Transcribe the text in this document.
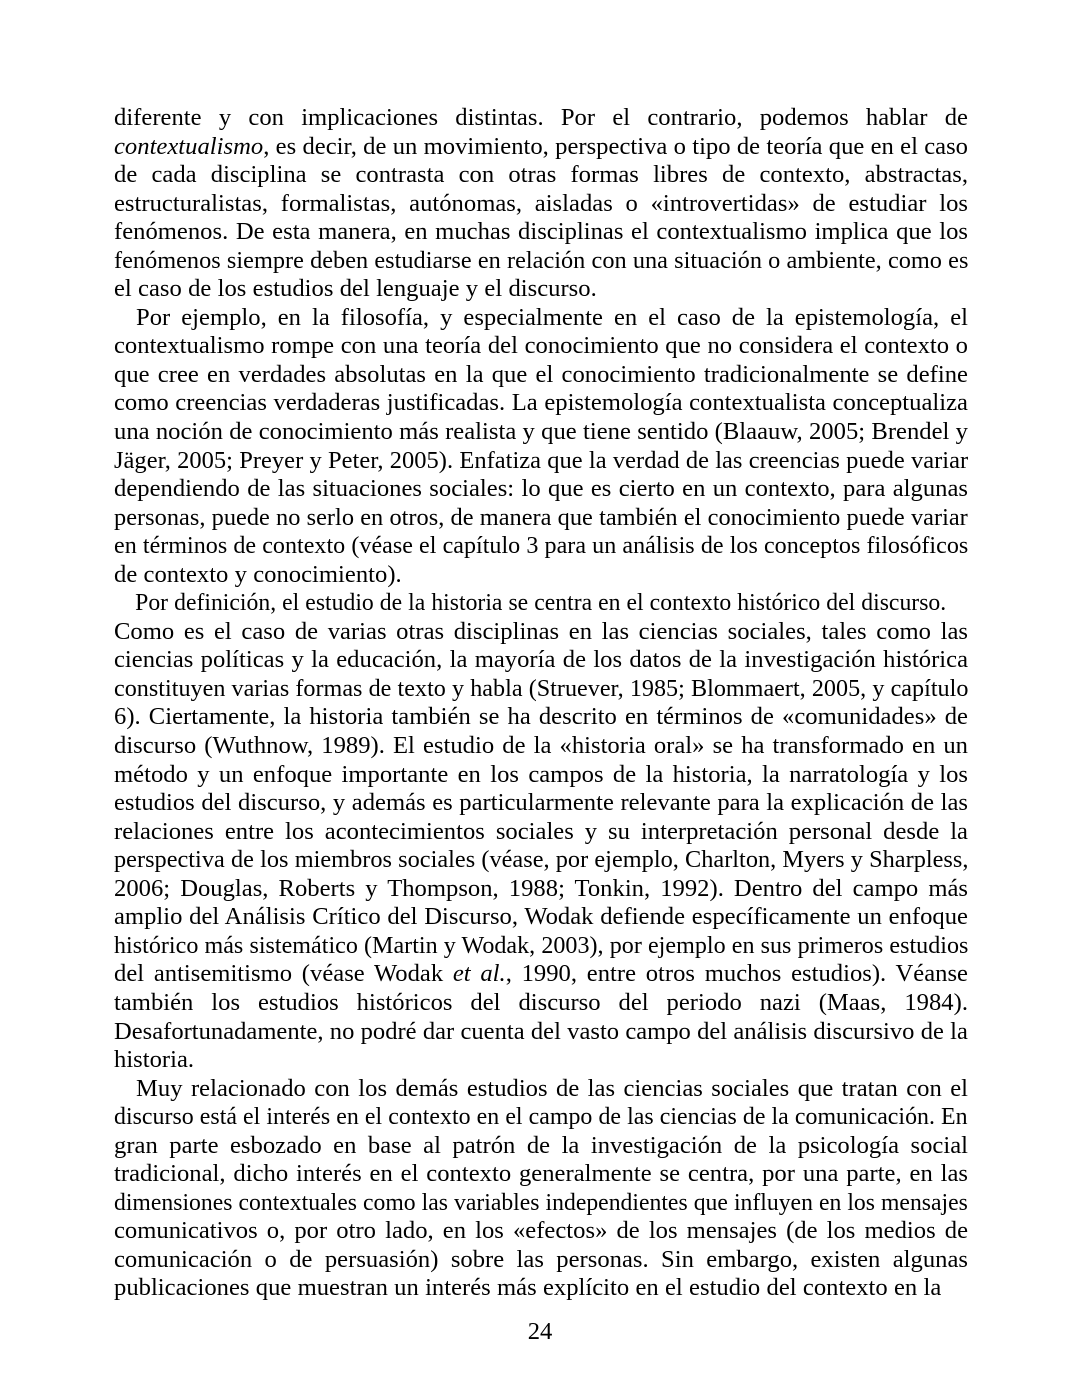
diferente y con implicaciones distintas. Por el contrario, podemos hablar de
contextualismo, es decir, de un movimiento, perspectiva o tipo de teoría que en el caso
de cada disciplina se contrasta con otras formas libres de contexto, abstractas,
estructuralistas, formalistas, autónomas, aisladas o «introvertidas» de estudiar los
fenómenos. De esta manera, en muchas disciplinas el contextualismo implica que los
fenómenos siempre deben estudiarse en relación con una situación o ambiente, como es
el caso de los estudios del lenguaje y el discurso.

Por ejemplo, en la filosofía, y especialmente en el caso de la epistemología, el
contextualismo rompe con una teoría del conocimiento que no considera el contexto o
que cree en verdades absolutas en la que el conocimiento tradicionalmente se define
como creencias verdaderas justificadas. La epistemología contextualista conceptualiza
una noción de conocimiento más realista y que tiene sentido (Blaauw, 2005; Brendel y
Jäger, 2005; Preyer y Peter, 2005). Enfatiza que la verdad de las creencias puede variar
dependiendo de las situaciones sociales: lo que es cierto en un contexto, para algunas
personas, puede no serlo en otros, de manera que también el conocimiento puede variar
en términos de contexto (véase el capítulo 3 para un análisis de los conceptos filosóficos
de contexto y conocimiento).

Por definición, el estudio de la historia se centra en el contexto histórico del discurso.
Como es el caso de varias otras disciplinas en las ciencias sociales, tales como las
ciencias políticas y la educación, la mayoría de los datos de la investigación histórica
constituyen varias formas de texto y habla (Struever, 1985; Blommaert, 2005, y capítulo
6). Ciertamente, la historia también se ha descrito en términos de «comunidades» de
discurso (Wuthnow, 1989). El estudio de la «historia oral» se ha transformado en un
método y un enfoque importante en los campos de la historia, la narratología y los
estudios del discurso, y además es particularmente relevante para la explicación de las
relaciones entre los acontecimientos sociales y su interpretación personal desde la
perspectiva de los miembros sociales (véase, por ejemplo, Charlton, Myers y Sharpless,
2006; Douglas, Roberts y Thompson, 1988; Tonkin, 1992). Dentro del campo más
amplio del Análisis Crítico del Discurso, Wodak defiende específicamente un enfoque
histórico más sistemático (Martin y Wodak, 2003), por ejemplo en sus primeros estudios
del antisemitismo (véase Wodak et al., 1990, entre otros muchos estudios). Véanse
también los estudios históricos del discurso del periodo nazi (Maas, 1984).
Desafortunadamente, no podré dar cuenta del vasto campo del análisis discursivo de la
historia.

Muy relacionado con los demás estudios de las ciencias sociales que tratan con el
discurso está el interés en el contexto en el campo de las ciencias de la comunicación. En
gran parte esbozado en base al patrón de la investigación de la psicología social
tradicional, dicho interés en el contexto generalmente se centra, por una parte, en las
dimensiones contextuales como las variables independientes que influyen en los mensajes
comunicativos o, por otro lado, en los «efectos» de los mensajes (de los medios de
comunicación o de persuasión) sobre las personas. Sin embargo, existen algunas
publicaciones que muestran un interés más explícito en el estudio del contexto en la

24
